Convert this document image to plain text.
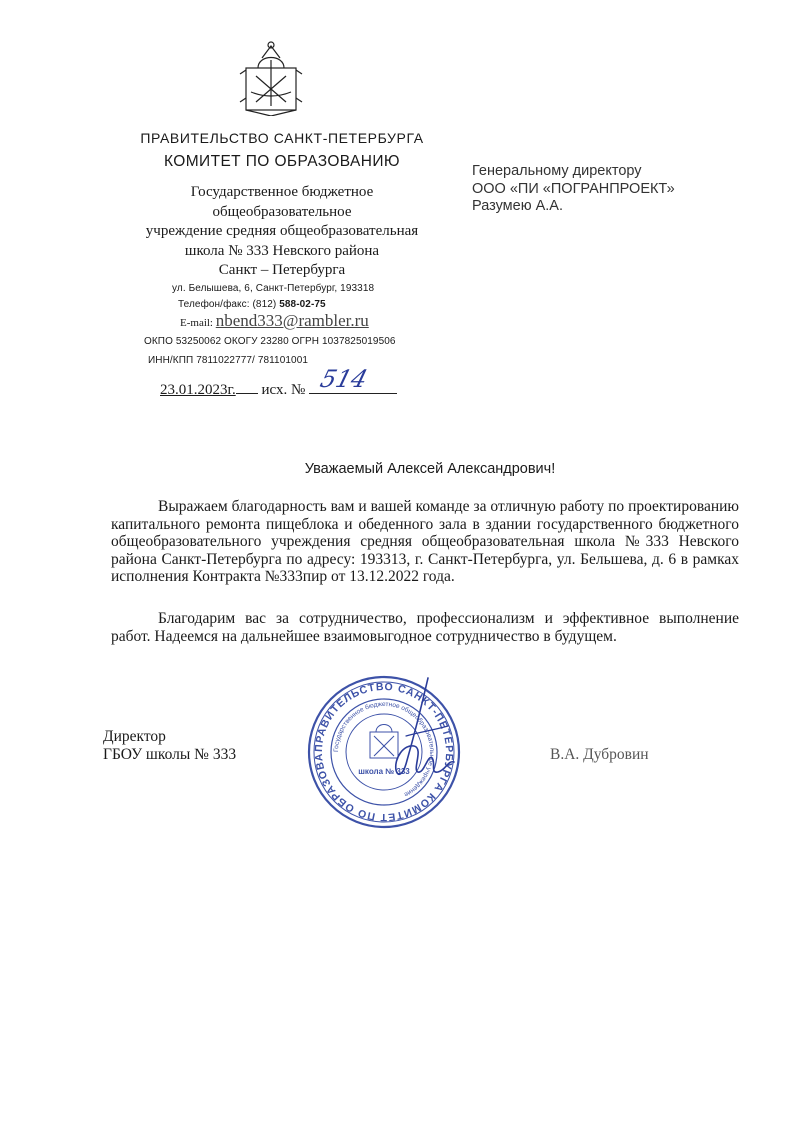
ПРАВИТЕЛЬСТВО САНКТ-ПЕТЕРБУРГА
КОМИТЕТ ПО ОБРАЗОВАНИЮ
Государственное бюджетное
общеобразовательное
учреждение средняя общеобразовательная
школа № 333 Невского района
Санкт – Петербурга
ул. Белышева, 6, Санкт-Петербург, 193318
Телефон/факс: (812) 588-02-75
E-mail: nbend333@rambler.ru
ОКПО 53250062 ОКОГУ 23280 ОГРН 1037825019506
ИНН/КПП 7811022777/ 781101001
23.01.2023г. исх. № 514
Генеральному директору
ООО «ПИ «ПОГРАНПРОЕКТ»
Разумею А.А.
Уважаемый Алексей Александрович!
Выражаем благодарность вам и вашей команде за отличную работу по проектированию капитального ремонта пищеблока и обеденного зала в здании государственного бюджетного общеобразовательного учреждения средняя общеобразовательная школа №333 Невского района Санкт-Петербурга по адресу: 193313, г. Санкт-Петербурга, ул. Бельшева, д. 6 в рамках исполнения Контракта №333пир от 13.12.2022 года.
Благодарим вас за сотрудничество, профессионализм и эффективное выполнение работ. Надеемся на дальнейшее взаимовыгодное сотрудничество в будущем.
Директор
ГБОУ школы № 333	В.А. Дубровин
ПРАВИТЕЛЬСТВО САНКТ-ПЕТЕРБУРГА КОМИТЕТ ПО ОБРАЗОВА
Государственное бюджетное общеобразовательное учреждение
школа № 333
